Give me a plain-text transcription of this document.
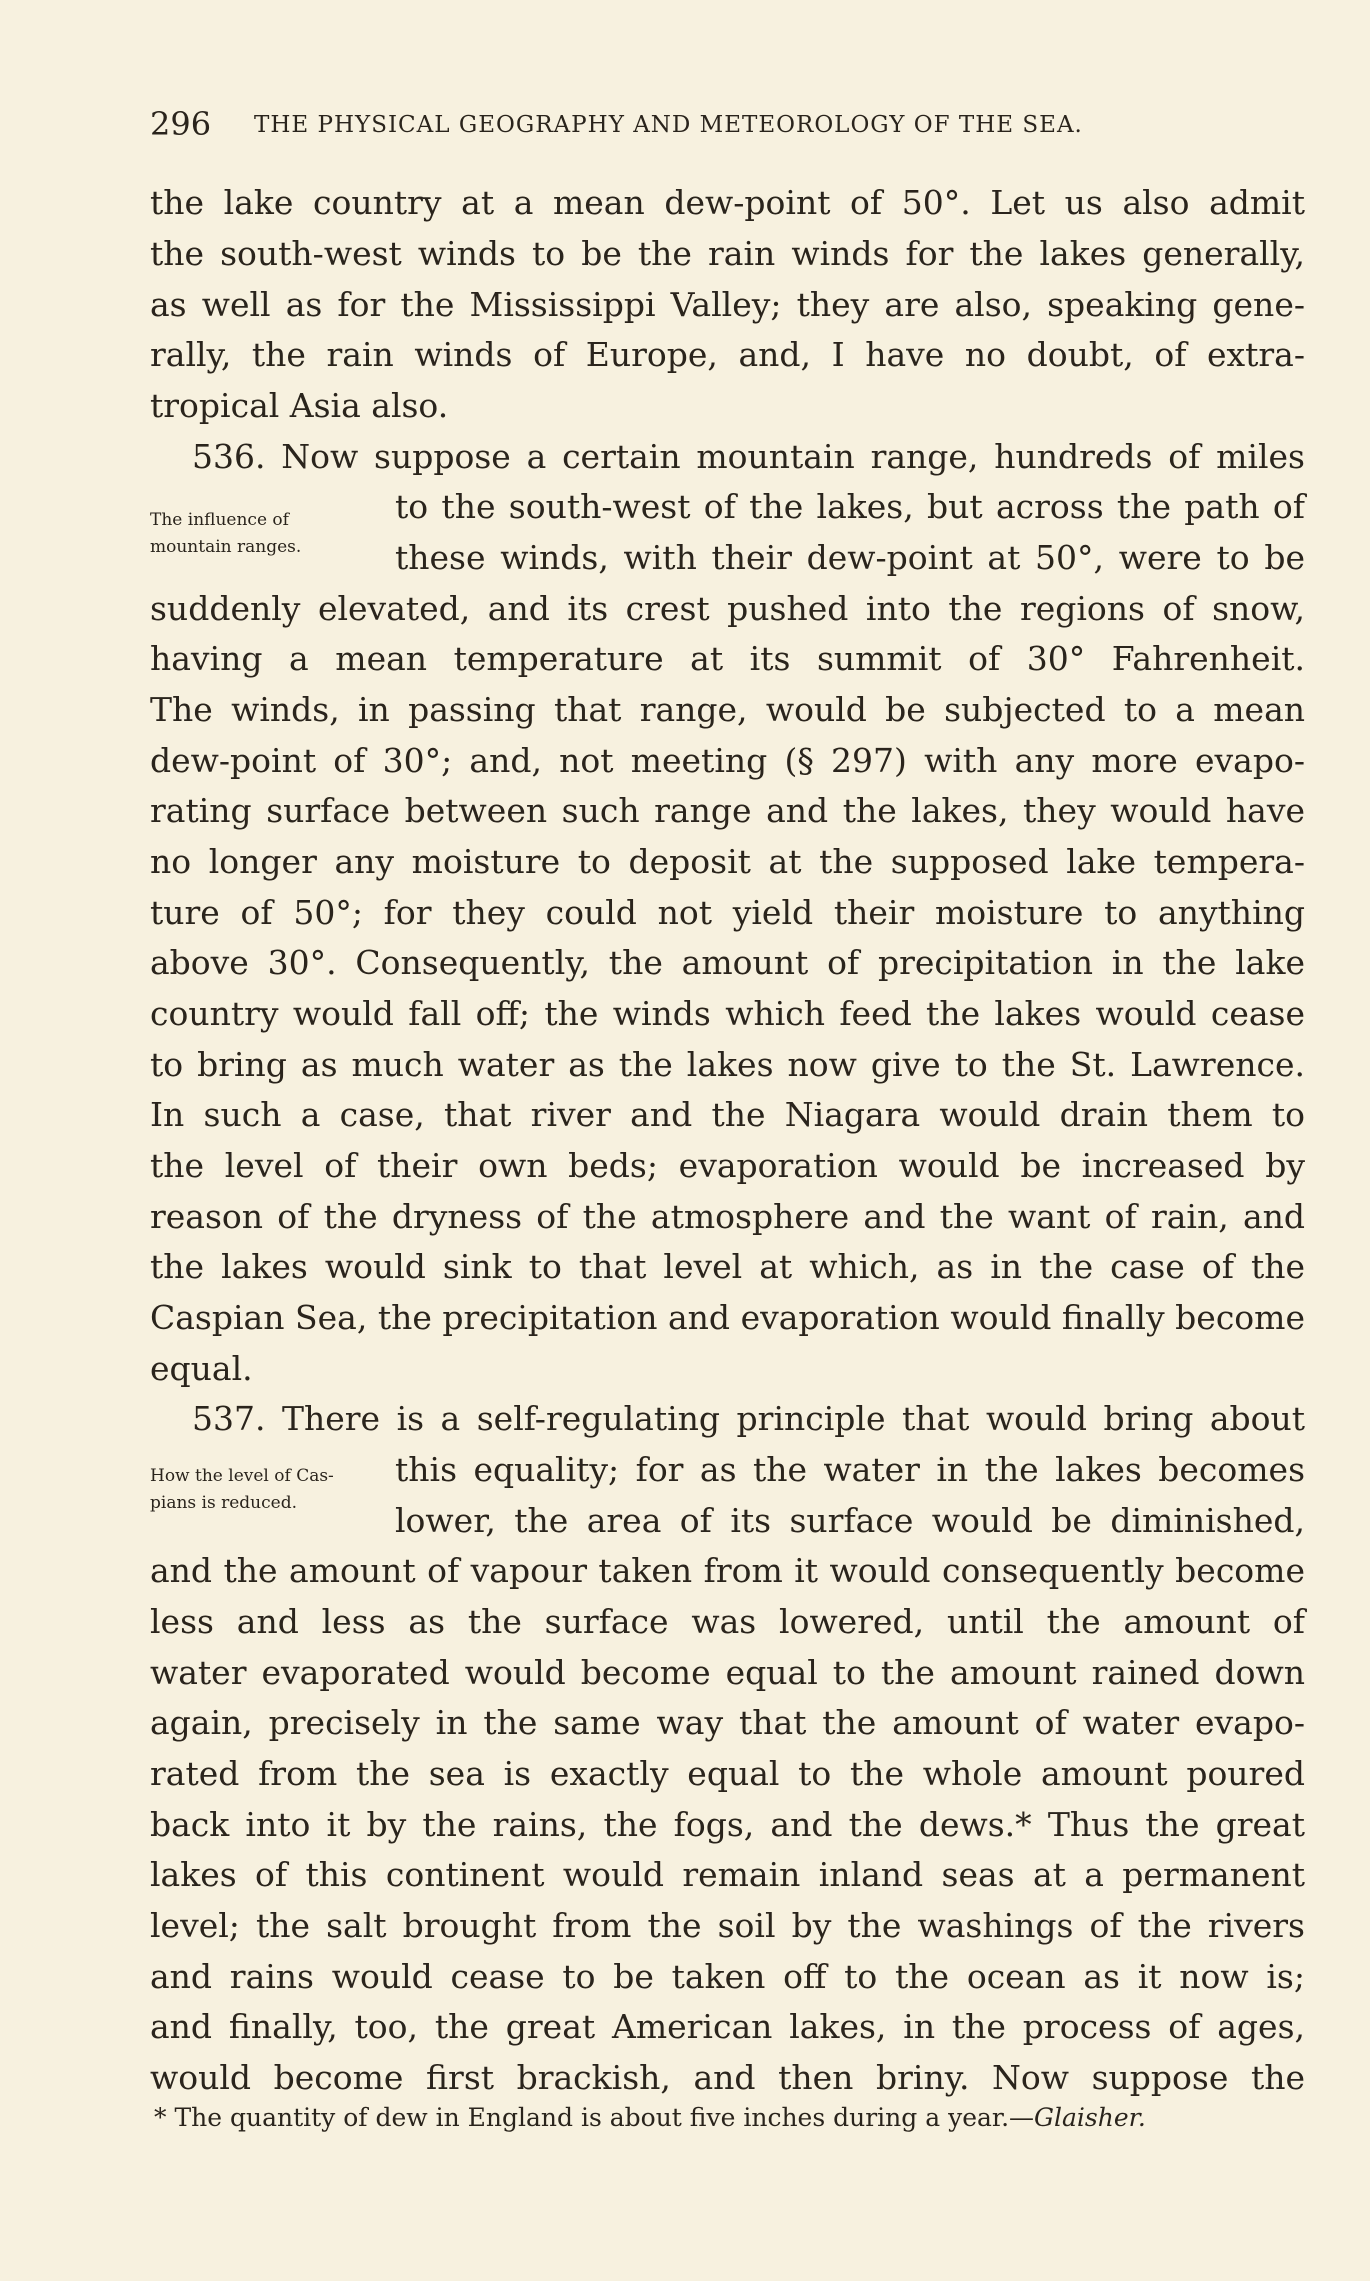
296 THE PHYSICAL GEOGRAPHY AND METEOROLOGY OF THE SEA.
the lake country at a mean dew-point of 50°. Let us also admit
the south-west winds to be the rain winds for the lakes generally,
as well as for the Mississippi Valley; they are also, speaking gene-
rally, the rain winds of Europe, and, I have no doubt, of extra-
tropical Asia also.
536. Now suppose a certain mountain range, hundreds of miles
to the south-west of the lakes, but across the path of
these winds, with their dew-point at 50°, were to be
suddenly elevated, and its crest pushed into the regions of snow,
having a mean temperature at its summit of 30° Fahrenheit.
The winds, in passing that range, would be subjected to a mean
dew-point of 30°; and, not meeting (§ 297) with any more evapo-
rating surface between such range and the lakes, they would have
no longer any moisture to deposit at the supposed lake tempera-
ture of 50°; for they could not yield their moisture to anything
above 30°. Consequently, the amount of precipitation in the lake
country would fall off; the winds which feed the lakes would cease
to bring as much water as the lakes now give to the St. Lawrence.
In such a case, that river and the Niagara would drain them to
the level of their own beds; evaporation would be increased by
reason of the dryness of the atmosphere and the want of rain, and
the lakes would sink to that level at which, as in the case of the
Caspian Sea, the precipitation and evaporation would finally become
equal.
537. There is a self-regulating principle that would bring about
this equality; for as the water in the lakes becomes
lower, the area of its surface would be diminished,
and the amount of vapour taken from it would consequently become
less and less as the surface was lowered, until the amount of
water evaporated would become equal to the amount rained down
again, precisely in the same way that the amount of water evapo-
rated from the sea is exactly equal to the whole amount poured
back into it by the rains, the fogs, and the dews.* Thus the great
lakes of this continent would remain inland seas at a permanent
level; the salt brought from the soil by the washings of the rivers
and rains would cease to be taken off to the ocean as it now is;
and finally, too, the great American lakes, in the process of ages,
would become first brackish, and then briny. Now suppose the
The influence of
mountain ranges.
How the level of Cas-
pians is reduced.
* The quantity of dew in England is about five inches during a year.—Glaisher.
